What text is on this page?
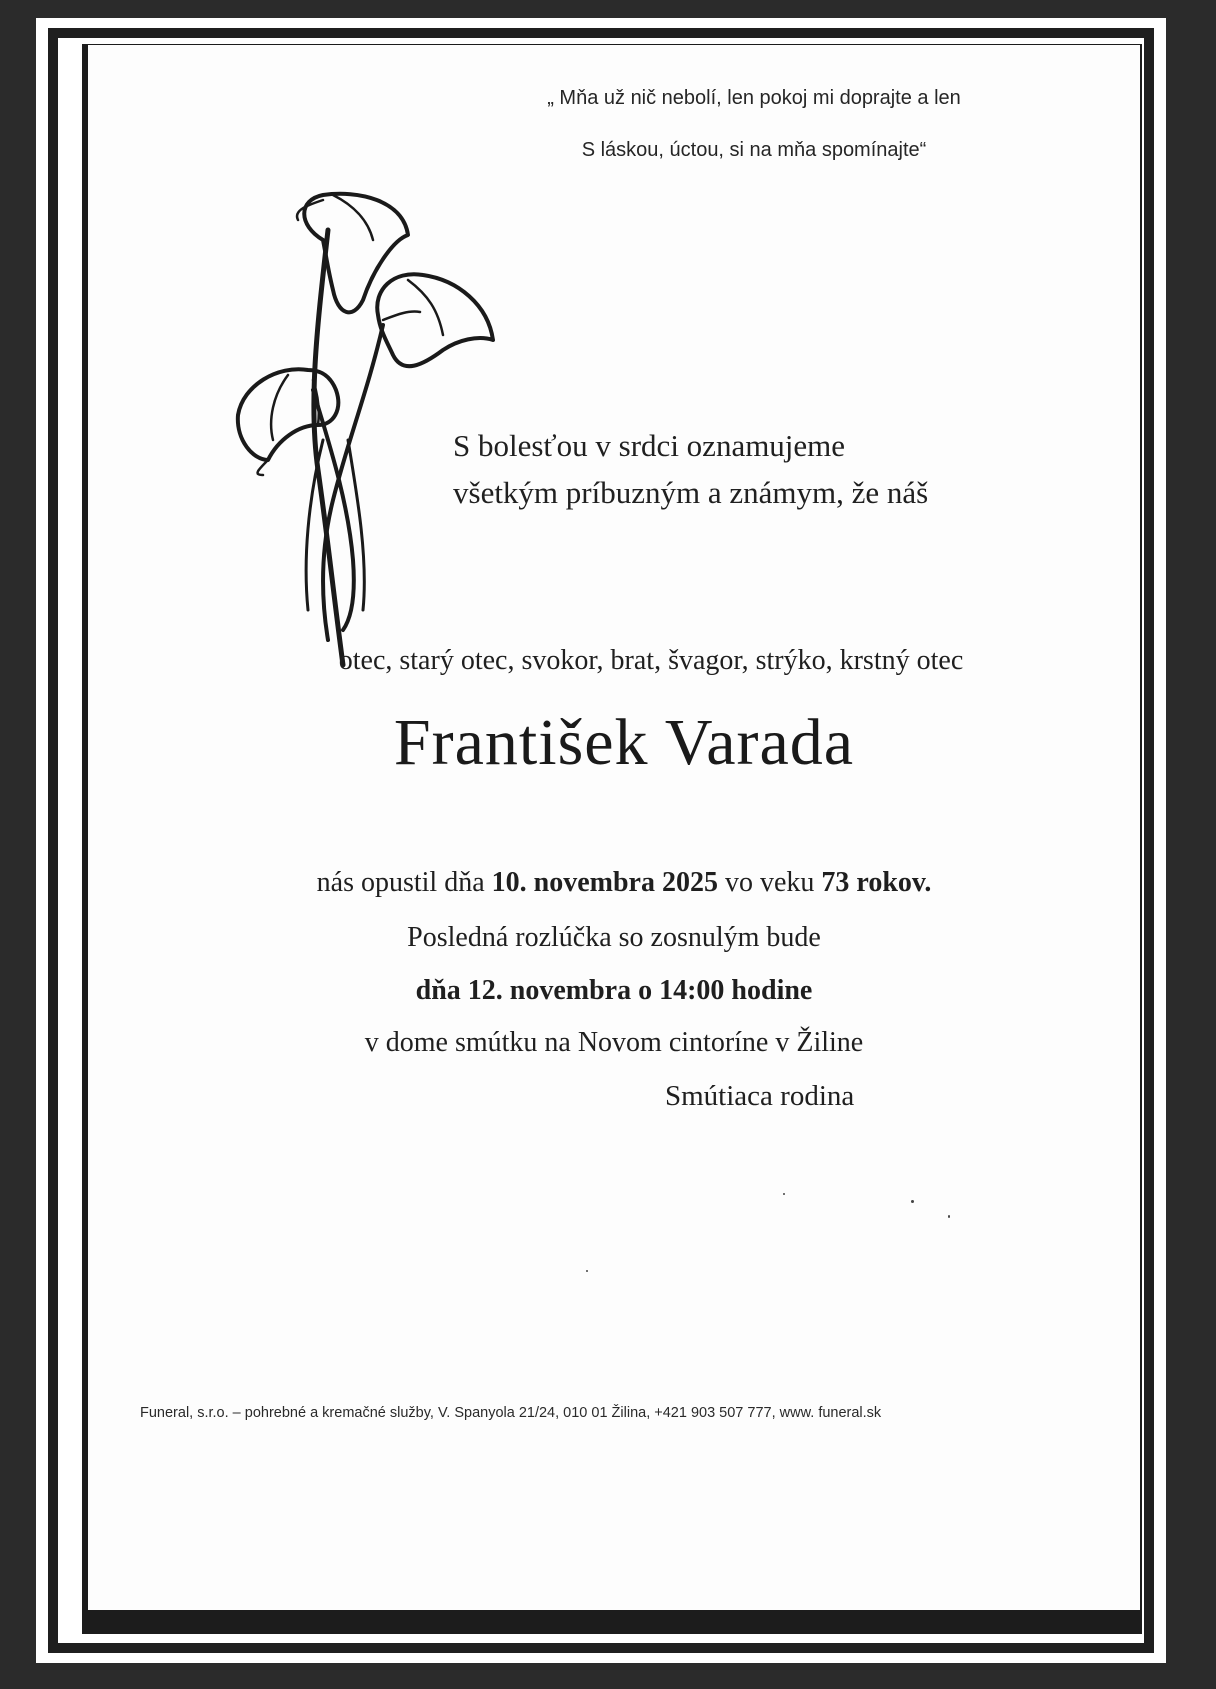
„ Mňa už nič nebolí, len pokoj mi doprajte a len
S láskou, úctou, si na mňa spomínajte“
S bolesťou v srdci oznamujeme
všetkým príbuzným a známym, že náš
otec, starý otec, svokor, brat, švagor, strýko, krstný otec
František Varada
nás opustil dňa 10. novembra 2025 vo veku 73 rokov.
Posledná rozlúčka so zosnulým bude
dňa 12. novembra o 14:00 hodine
v dome smútku na Novom cintoríne v Žiline
Smútiaca rodina
Funeral, s.r.o. – pohrebné a kremačné služby, V. Spanyola 21/24, 010 01 Žilina, +421 903 507 777, www. funeral.sk
